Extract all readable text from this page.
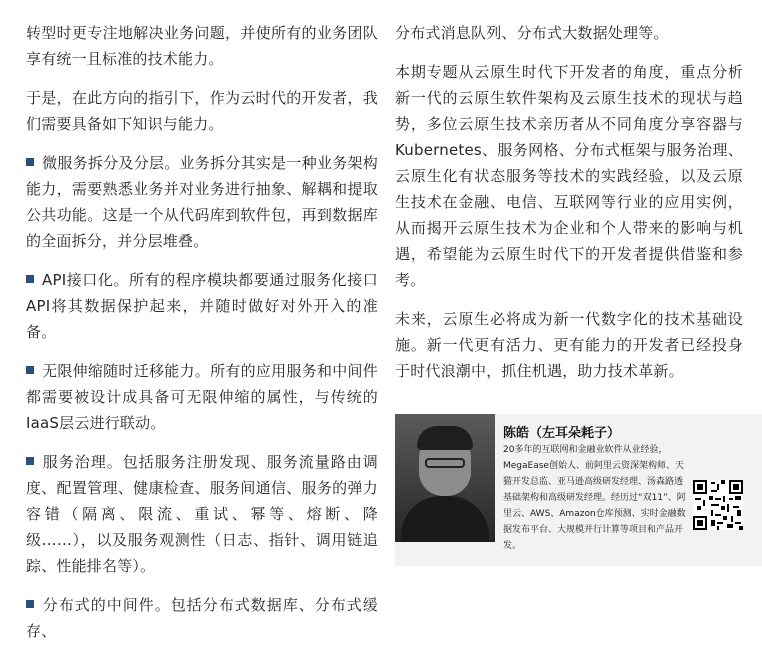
转型时更专注地解决业务问题，并使所有的业务团队享有统一且标准的技术能力。

于是，在此方向的指引下，作为云时代的开发者，我们需要具备如下知识与能力。

微服务拆分及分层。业务拆分其实是一种业务架构能力，需要熟悉业务并对业务进行抽象、解耦和提取公共功能。这是一个从代码库到软件包，再到数据库的全面拆分，并分层堆叠。

API接口化。所有的程序模块都要通过服务化接口API将其数据保护起来，并随时做好对外开入的准备。

无限伸缩随时迁移能力。所有的应用服务和中间件都需要被设计成具备可无限伸缩的属性，与传统的IaaS层云进行联动。

服务治理。包括服务注册发现、服务流量路由调度、配置管理、健康检查、服务间通信、服务的弹力容错（隔离、限流、重试、幂等、熔断、降级……），以及服务观测性（日志、指针、调用链追踪、性能排名等）。

分布式的中间件。包括分布式数据库、分布式缓存、

分布式消息队列、分布式大数据处理等。

本期专题从云原生时代下开发者的角度，重点分析新一代的云原生软件架构及云原生技术的现状与趋势，多位云原生技术亲历者从不同角度分享容器与Kubernetes、服务网格、分布式框架与服务治理、云原生化有状态服务等技术的实践经验，以及云原生技术在金融、电信、互联网等行业的应用实例，从而揭开云原生技术为企业和个人带来的影响与机遇，希望能为云原生时代下的开发者提供借鉴和参考。

未来，云原生必将成为新一代数字化的技术基础设施。新一代更有活力、更有能力的开发者已经投身于时代浪潮中，抓住机遇，助力技术革新。

陈皓（左耳朵耗子）
20多年的互联网和金融业软件从业经验，MegaEase创始人、前阿里云资深架构师、天猫开发总监、亚马逊高级研发经理、汤森路透基础架构和高级研发经理。经历过“双11”、阿里云、AWS、Amazon仓库预测、实时金融数据发布平台、大规模并行计算等项目和产品开发。
